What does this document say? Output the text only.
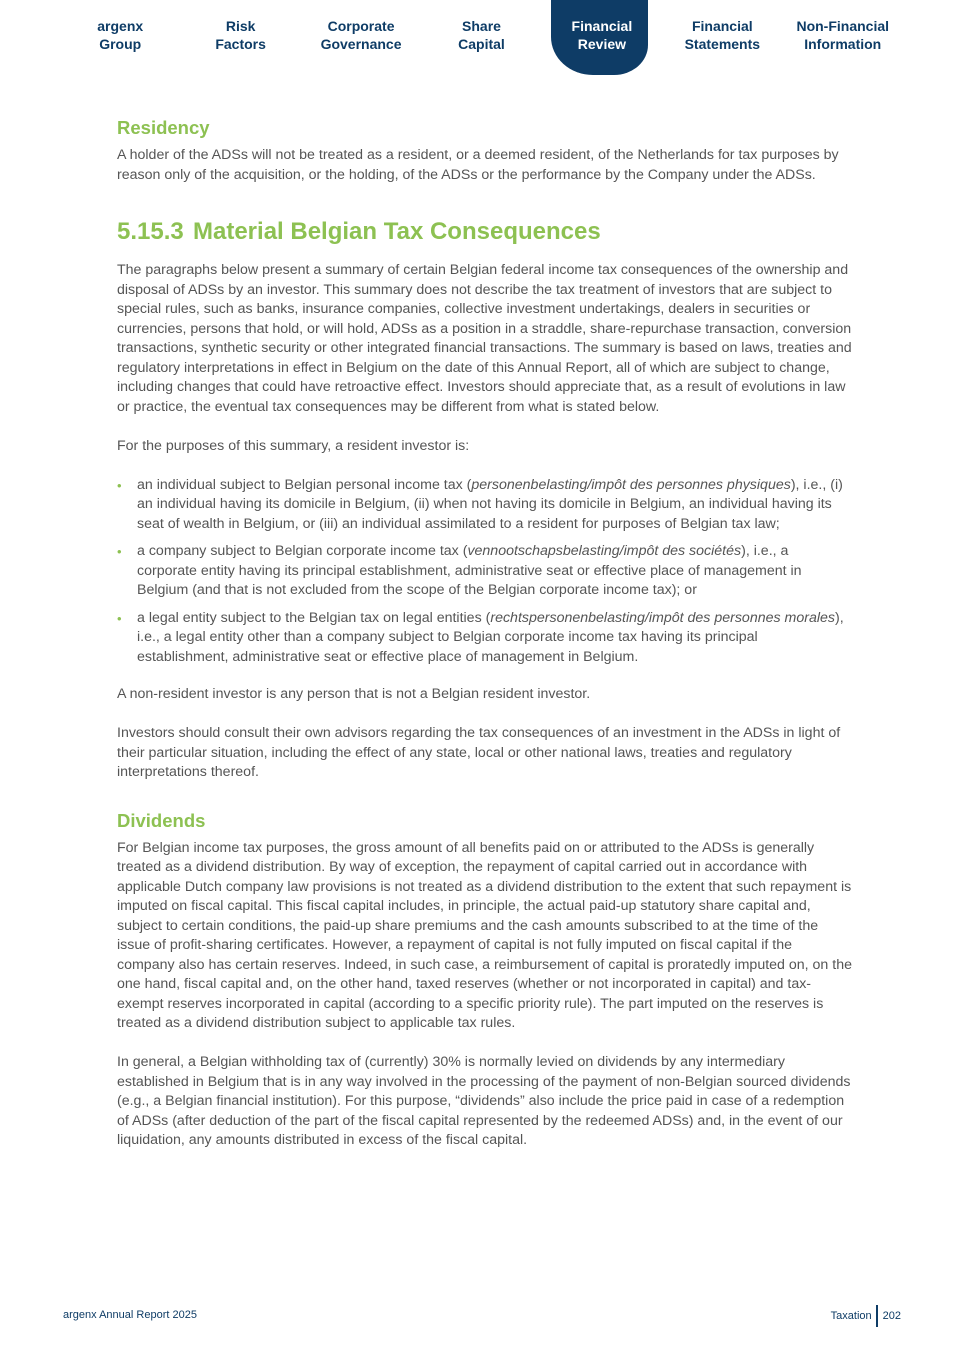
argenx
Group
Risk
Factors
Corporate
Governance
Share
Capital
Financial
Review
Financial
Statements
Non-Financial
Information
Residency

A holder of the ADSs will not be treated as a resident, or a deemed resident, of the Netherlands for tax purposes by reason only of the acquisition, or the holding, of the ADSs or the performance by the Company under the ADSs.

5.15.3 Material Belgian Tax Consequences

The paragraphs below present a summary of certain Belgian federal income tax consequences of the ownership and disposal of ADSs by an investor. This summary does not describe the tax treatment of investors that are subject to special rules, such as banks, insurance companies, collective investment undertakings, dealers in securities or currencies, persons that hold, or will hold, ADSs as a position in a straddle, share-repurchase transaction, conversion transactions, synthetic security or other integrated financial transactions. The summary is based on laws, treaties and regulatory interpretations in effect in Belgium on the date of this Annual Report, all of which are subject to change, including changes that could have retroactive effect. Investors should appreciate that, as a result of evolutions in law or practice, the eventual tax consequences may be different from what is stated below.

For the purposes of this summary, a resident investor is:

• an individual subject to Belgian personal income tax (personenbelasting/impôt des personnes physiques), i.e., (i) an individual having its domicile in Belgium, (ii) when not having its domicile in Belgium, an individual having its seat of wealth in Belgium, or (iii) an individual assimilated to a resident for purposes of Belgian tax law;
• a company subject to Belgian corporate income tax (vennootschapsbelasting/impôt des sociétés), i.e., a corporate entity having its principal establishment, administrative seat or effective place of management in Belgium (and that is not excluded from the scope of the Belgian corporate income tax); or
• a legal entity subject to the Belgian tax on legal entities (rechtspersonenbelasting/impôt des personnes morales), i.e., a legal entity other than a company subject to Belgian corporate income tax having its principal establishment, administrative seat or effective place of management in Belgium.

A non-resident investor is any person that is not a Belgian resident investor.

Investors should consult their own advisors regarding the tax consequences of an investment in the ADSs in light of their particular situation, including the effect of any state, local or other national laws, treaties and regulatory interpretations thereof.

Dividends

For Belgian income tax purposes, the gross amount of all benefits paid on or attributed to the ADSs is generally treated as a dividend distribution. By way of exception, the repayment of capital carried out in accordance with applicable Dutch company law provisions is not treated as a dividend distribution to the extent that such repayment is imputed on fiscal capital. This fiscal capital includes, in principle, the actual paid-up statutory share capital and, subject to certain conditions, the paid-up share premiums and the cash amounts subscribed to at the time of the issue of profit-sharing certificates. However, a repayment of capital is not fully imputed on fiscal capital if the company also has certain reserves. Indeed, in such case, a reimbursement of capital is proratedly imputed on, on the one hand, fiscal capital and, on the other hand, taxed reserves (whether or not incorporated in capital) and tax-exempt reserves incorporated in capital (according to a specific priority rule). The part imputed on the reserves is treated as a dividend distribution subject to applicable tax rules.

In general, a Belgian withholding tax of (currently) 30% is normally levied on dividends by any intermediary established in Belgium that is in any way involved in the processing of the payment of non-Belgian sourced dividends (e.g., a Belgian financial institution). For this purpose, “dividends” also include the price paid in case of a redemption of ADSs (after deduction of the part of the fiscal capital represented by the redeemed ADSs) and, in the event of our liquidation, any amounts distributed in excess of the fiscal capital.

argenx Annual Report 2025	Taxation 202
